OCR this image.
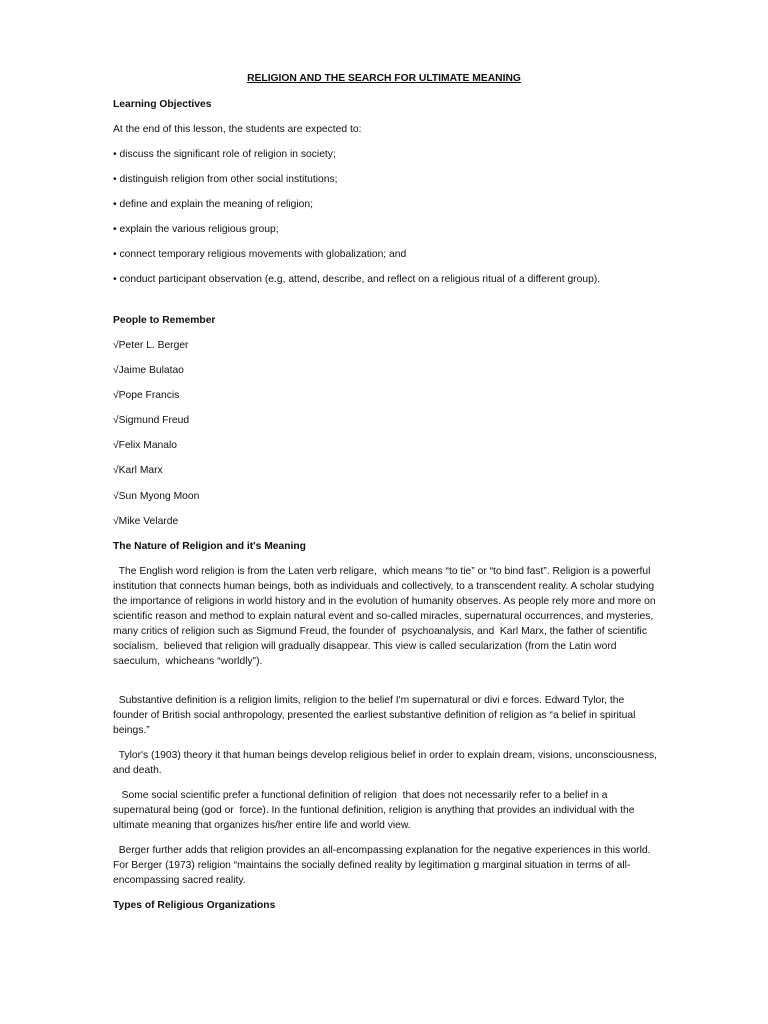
RELIGION AND THE SEARCH FOR ULTIMATE MEANING

Learning Objectives

At the end of this lesson, the students are expected to:

• discuss the significant role of religion in society;

• distinguish religion from other social institutions;

• define and explain the meaning of religion;

• explain the various religious group;

• connect temporary religious movements with globalization; and

• conduct participant observation (e.g, attend, describe, and reflect on a religious ritual of a different group).

People to Remember

√Peter L. Berger

√Jaime Bulatao

√Pope Francis

√Sigmund Freud

√Felix Manalo

√Karl Marx

√Sun Myong Moon

√Mike Velarde

The Nature of Religion and it's Meaning

The English word religion is from the Laten verb religare,  which means “to tie” or “to bind fast”. Religion is a powerful institution that connects human beings, both as individuals and collectively, to a transcendent reality. A scholar studying the importance of religions in world history and in the evolution of humanity observes. As people rely more and more on scientific reason and method to explain natural event and so-called miracles, supernatural occurrences, and mysteries, many critics of religion such as Sigmund Freud, the founder of  psychoanalysis, and  Karl Marx, the father of scientific socialism,  believed that religion will gradually disappear. This view is called secularization (from the Latin word saeculum,  whicheans “worldly”).

Substantive definition is a religion limits, religion to the belief I'm supernatural or divi e forces. Edward Tylor, the founder of British social anthropology, presented the earliest substantive definition of religion as “a belief in spiritual beings.”

Tylor's (1903) theory it that human beings develop religious belief in order to explain dream, visions, unconsciousness, and death.

Some social scientific prefer a functional definition of religion  that does not necessarily refer to a belief in a supernatural being (god or  force). In the funtional definition, religion is anything that provides an individual with the ultimate meaning that organizes his/her entire life and world view.

Berger further adds that religion provides an all-encompassing explanation for the negative experiences in this world. For Berger (1973) religion “maintains the socially defined reality by legitimation g marginal situation in terms of all-encompassing sacred reality.

Types of Religious Organizations
